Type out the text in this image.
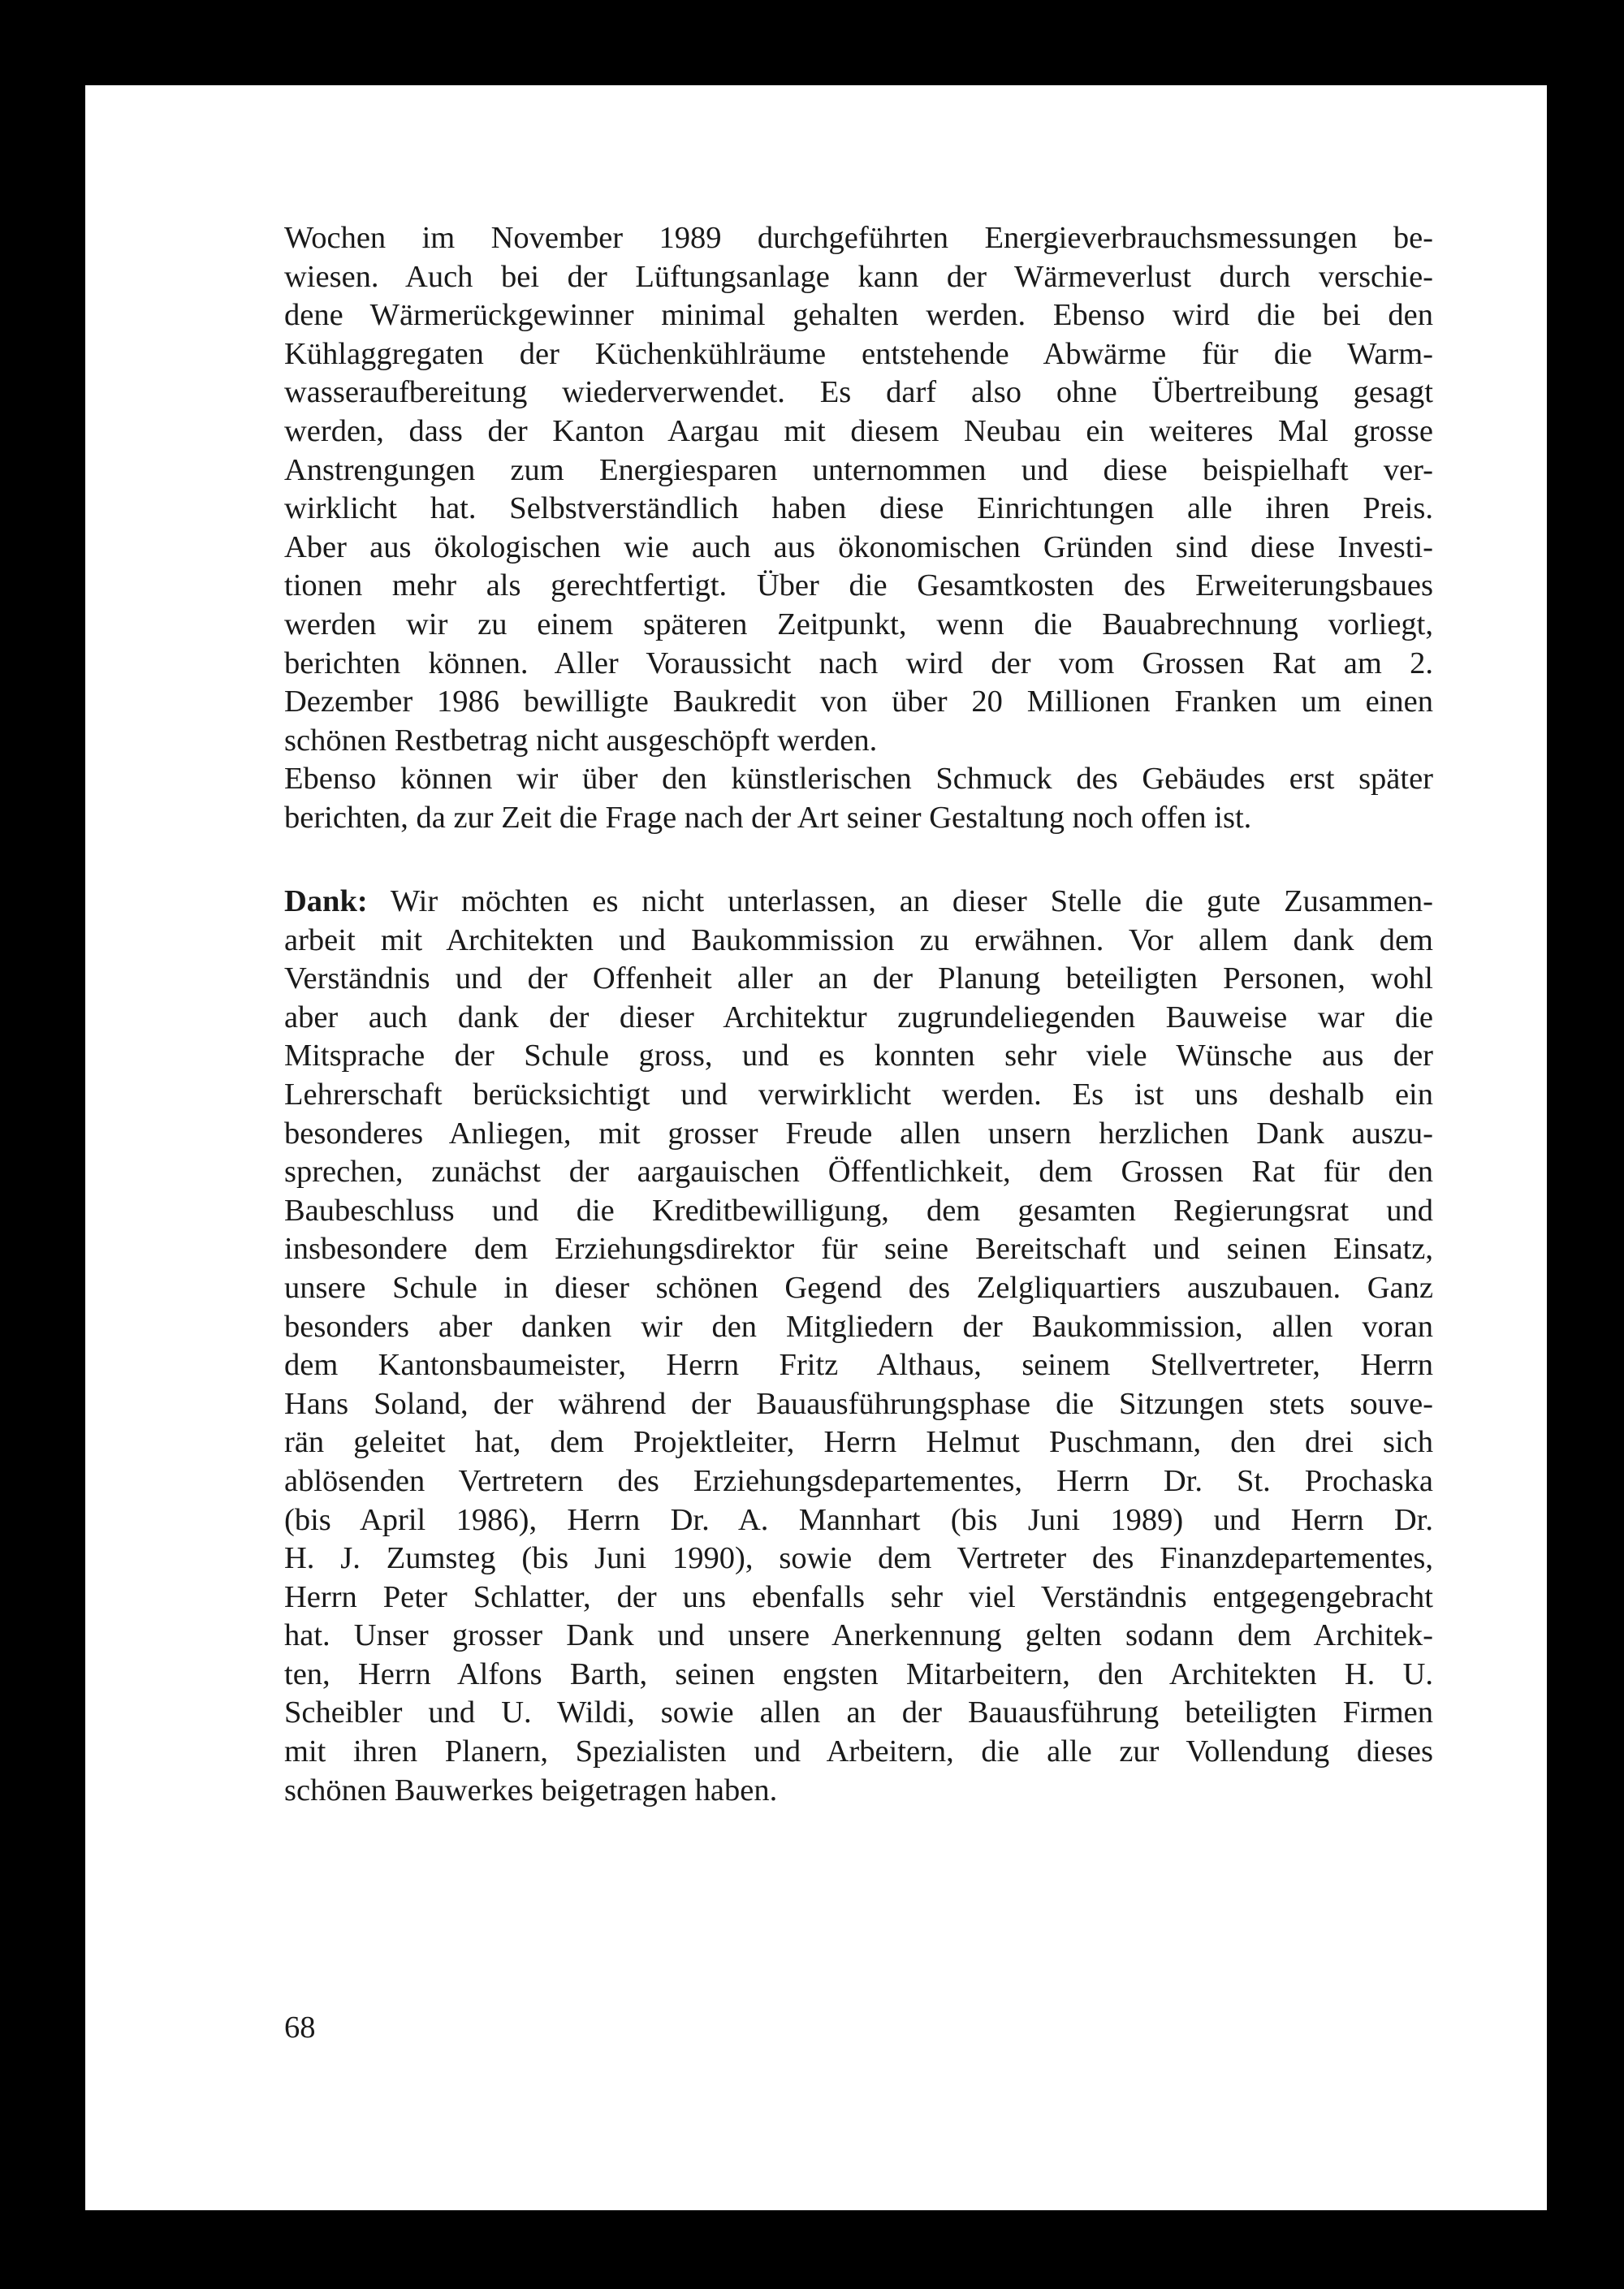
Wochen im November 1989 durchgeführten Energieverbrauchsmessungen be-
wiesen. Auch bei der Lüftungsanlage kann der Wärmeverlust durch verschie-
dene Wärmerückgewinner minimal gehalten werden. Ebenso wird die bei den
Kühlaggregaten der Küchenkühlräume entstehende Abwärme für die Warm-
wasseraufbereitung wiederverwendet. Es darf also ohne Übertreibung gesagt
werden, dass der Kanton Aargau mit diesem Neubau ein weiteres Mal grosse
Anstrengungen zum Energiesparen unternommen und diese beispielhaft ver-
wirklicht hat. Selbstverständlich haben diese Einrichtungen alle ihren Preis.
Aber aus ökologischen wie auch aus ökonomischen Gründen sind diese Investi-
tionen mehr als gerechtfertigt. Über die Gesamtkosten des Erweiterungsbaues
werden wir zu einem späteren Zeitpunkt, wenn die Bauabrechnung vorliegt,
berichten können. Aller Voraussicht nach wird der vom Grossen Rat am 2.
Dezember 1986 bewilligte Baukredit von über 20 Millionen Franken um einen
schönen Restbetrag nicht ausgeschöpft werden.
Ebenso können wir über den künstlerischen Schmuck des Gebäudes erst später
berichten, da zur Zeit die Frage nach der Art seiner Gestaltung noch offen ist.
Dank: Wir möchten es nicht unterlassen, an dieser Stelle die gute Zusammen-
arbeit mit Architekten und Baukommission zu erwähnen. Vor allem dank dem
Verständnis und der Offenheit aller an der Planung beteiligten Personen, wohl
aber auch dank der dieser Architektur zugrundeliegenden Bauweise war die
Mitsprache der Schule gross, und es konnten sehr viele Wünsche aus der
Lehrerschaft berücksichtigt und verwirklicht werden. Es ist uns deshalb ein
besonderes Anliegen, mit grosser Freude allen unsern herzlichen Dank auszu-
sprechen, zunächst der aargauischen Öffentlichkeit, dem Grossen Rat für den
Baubeschluss und die Kreditbewilligung, dem gesamten Regierungsrat und
insbesondere dem Erziehungsdirektor für seine Bereitschaft und seinen Einsatz,
unsere Schule in dieser schönen Gegend des Zelgliquartiers auszubauen. Ganz
besonders aber danken wir den Mitgliedern der Baukommission, allen voran
dem Kantonsbaumeister, Herrn Fritz Althaus, seinem Stellvertreter, Herrn
Hans Soland, der während der Bauausführungsphase die Sitzungen stets souve-
rän geleitet hat, dem Projektleiter, Herrn Helmut Puschmann, den drei sich
ablösenden Vertretern des Erziehungsdepartementes, Herrn Dr. St. Prochaska
(bis April 1986), Herrn Dr. A. Mannhart (bis Juni 1989) und Herrn Dr.
H. J. Zumsteg (bis Juni 1990), sowie dem Vertreter des Finanzdepartementes,
Herrn Peter Schlatter, der uns ebenfalls sehr viel Verständnis entgegengebracht
hat. Unser grosser Dank und unsere Anerkennung gelten sodann dem Architek-
ten, Herrn Alfons Barth, seinen engsten Mitarbeitern, den Architekten H. U.
Scheibler und U. Wildi, sowie allen an der Bauausführung beteiligten Firmen
mit ihren Planern, Spezialisten und Arbeitern, die alle zur Vollendung dieses
schönen Bauwerkes beigetragen haben.
68
